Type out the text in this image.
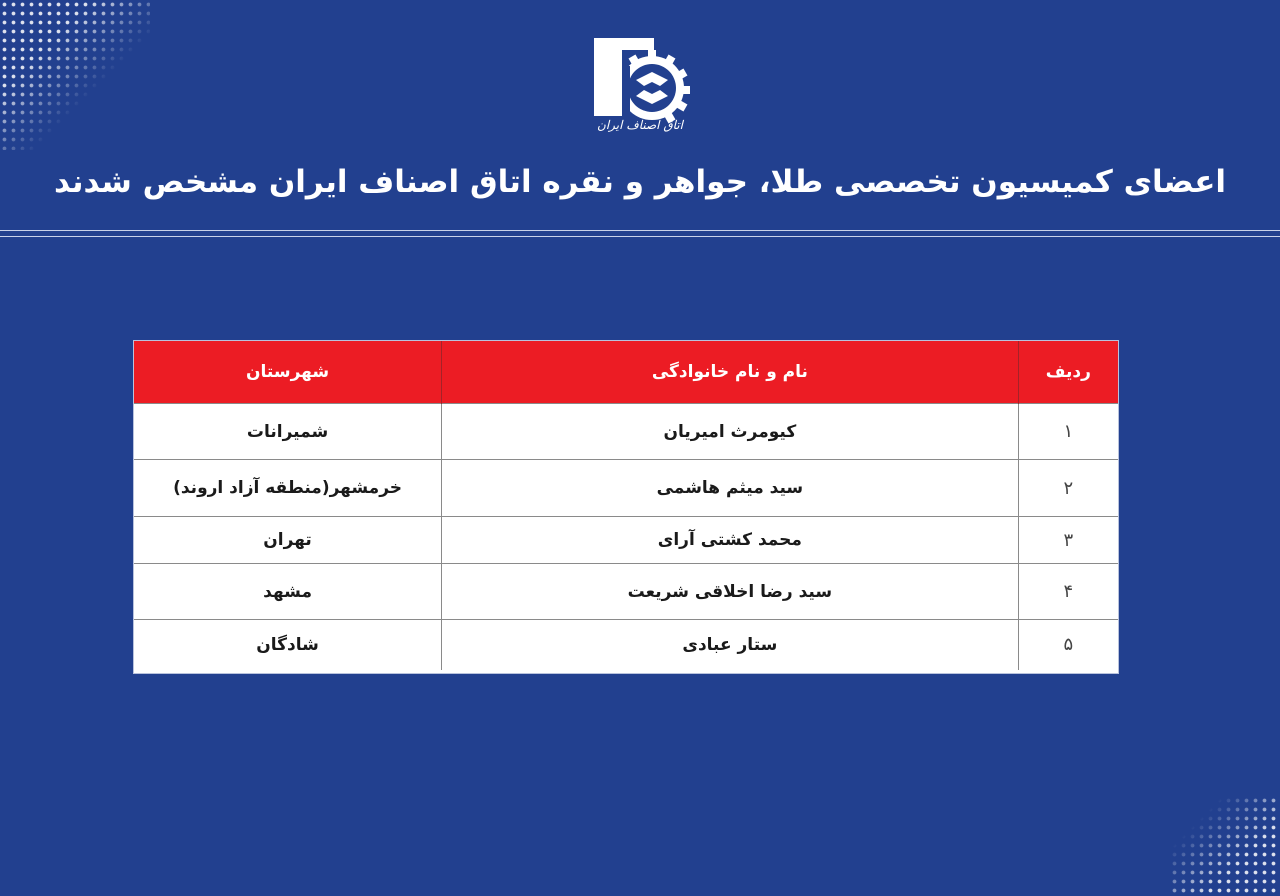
اتاق اصناف ایران
اعضای کمیسیون تخصصی طلا، جواهر و نقره اتاق اصناف ایران مشخص شدند
ردیف	نام و نام خانوادگی	شهرستان
۱	کیومرث امیریان	شمیرانات
۲	سید میثم هاشمی	خرمشهر(منطقه آزاد اروند)
۳	محمد کشتی آرای	تهران
۴	سید رضا اخلاقی شریعت	مشهد
۵	ستار عبادی	شادگان
